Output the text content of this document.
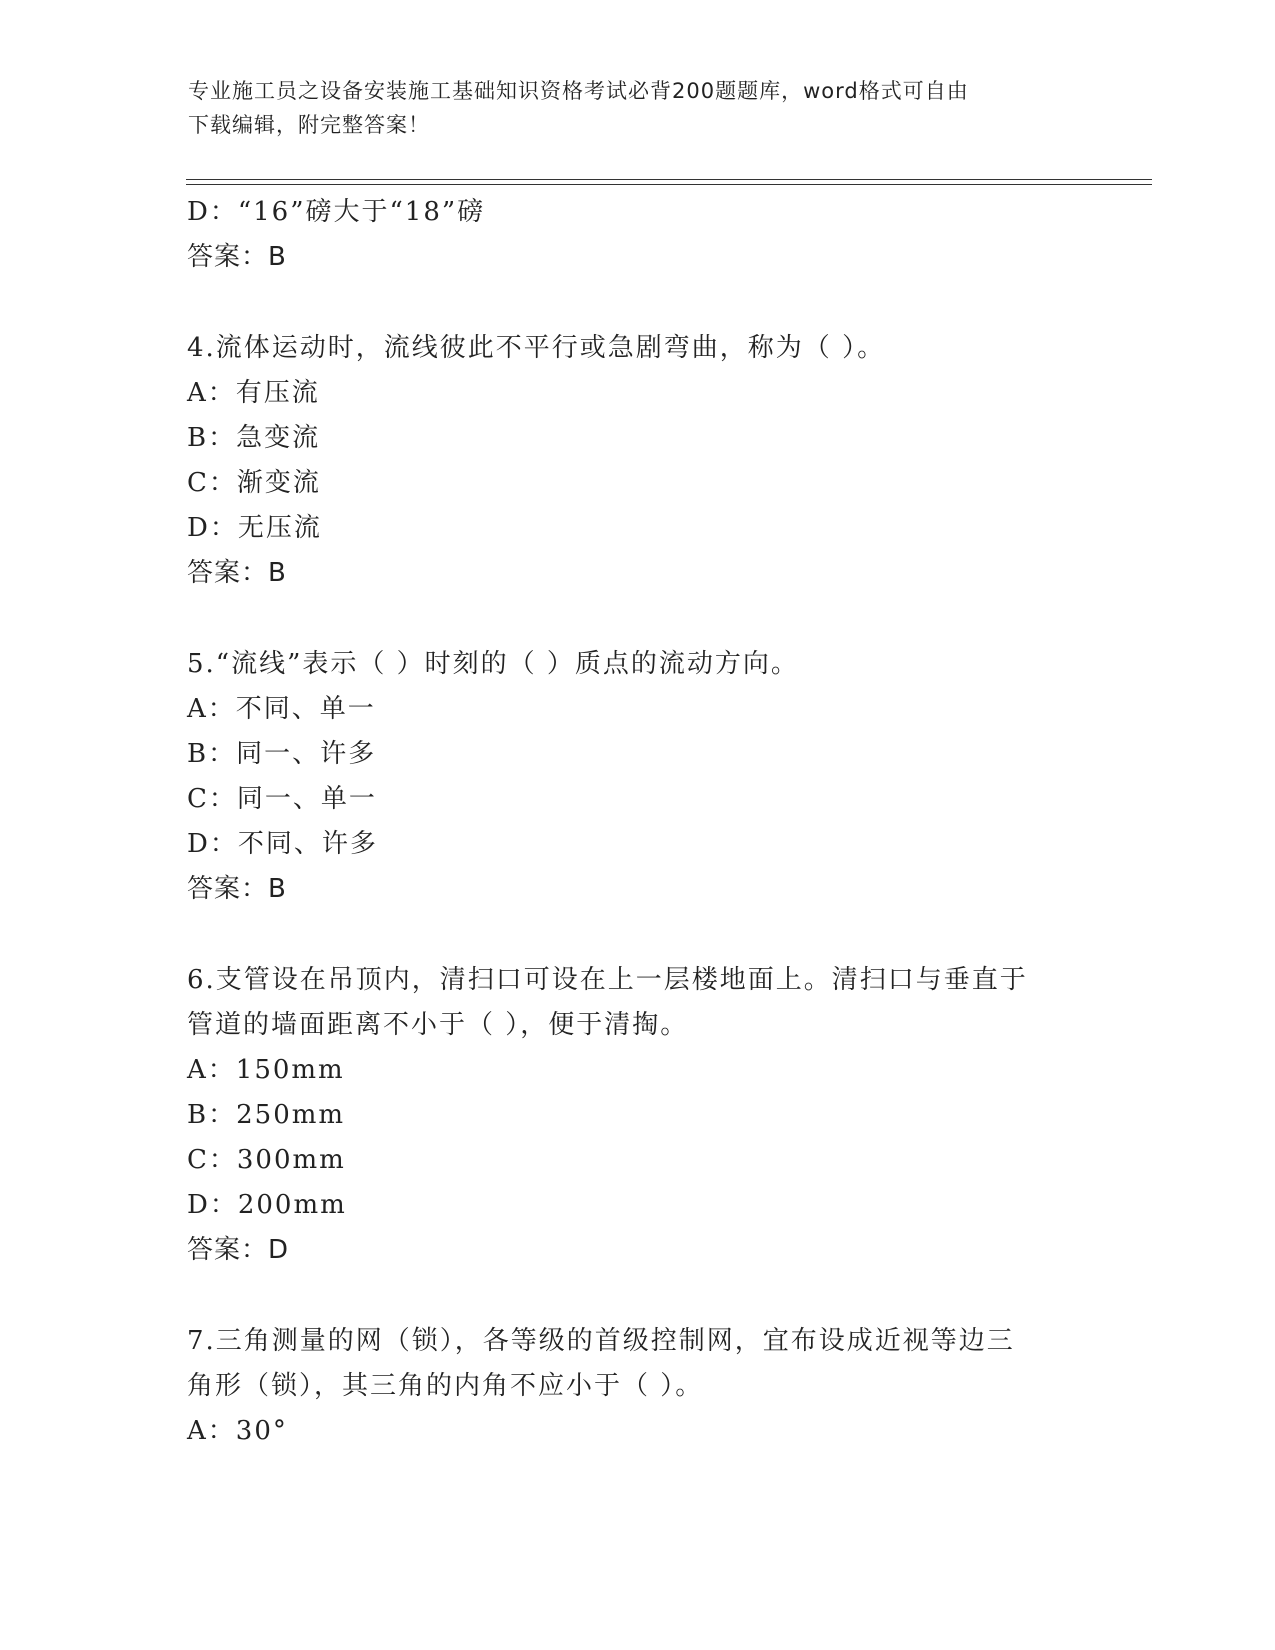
专业施工员之设备安装施工基础知识资格考试必背200题题库，word格式可自由
下载编辑，附完整答案！
D：“16”磅大于“18”磅
答案：B
4.流体运动时，流线彼此不平行或急剧弯曲，称为（ ）。
A：有压流
B：急变流
C：渐变流
D：无压流
答案：B
5.“流线”表示（ ）时刻的（ ）质点的流动方向。
A：不同、单一
B：同一、许多
C：同一、单一
D：不同、许多
答案：B
6.支管设在吊顶内，清扫口可设在上一层楼地面上。清扫口与垂直于
管道的墙面距离不小于（ ），便于清掏。
A：150mm
B：250mm
C：300mm
D：200mm
答案：D
7.三角测量的网（锁），各等级的首级控制网，宜布设成近视等边三
角形（锁），其三角的内角不应小于（ ）。
A：30°
